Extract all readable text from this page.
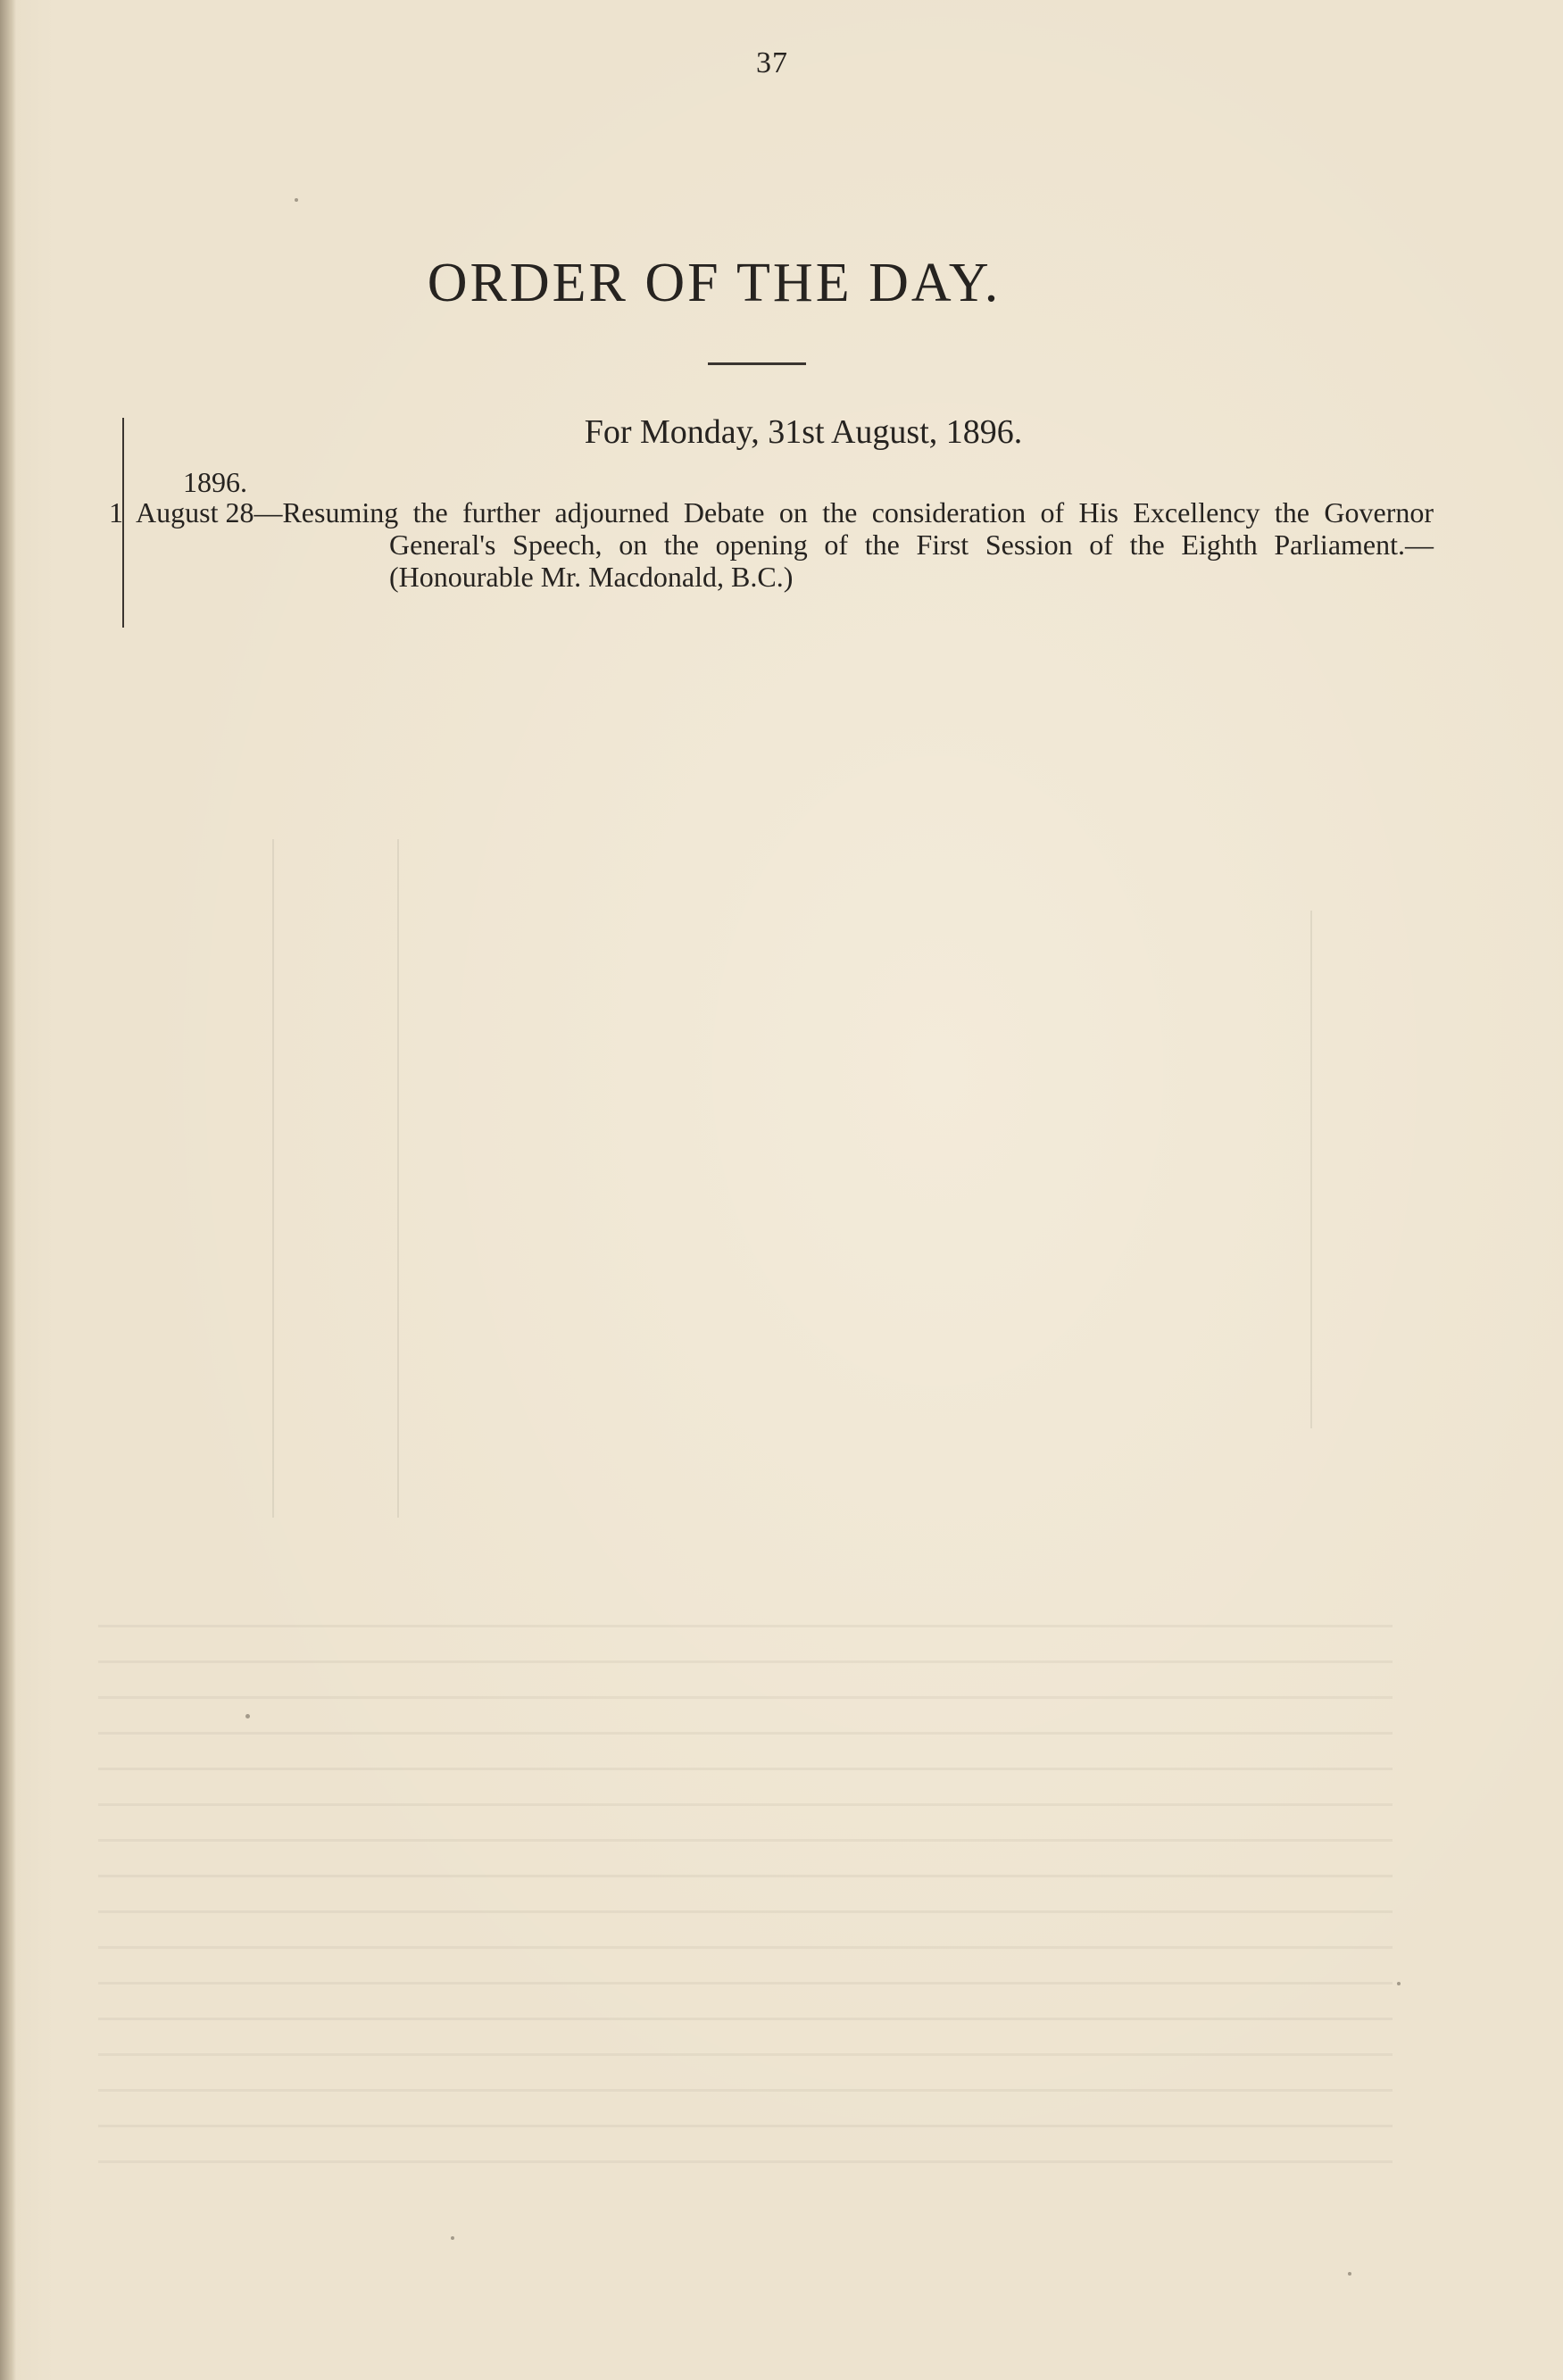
37
ORDER OF THE DAY.
For Monday, 31st August, 1896.
1896.
1 August 28 —Resuming the further adjourned Debate on the consideration of His Excellency the Governor General's Speech, on the opening of the First Session of the Eighth Parliament.—(Honourable Mr. Macdonald, B.C.)
